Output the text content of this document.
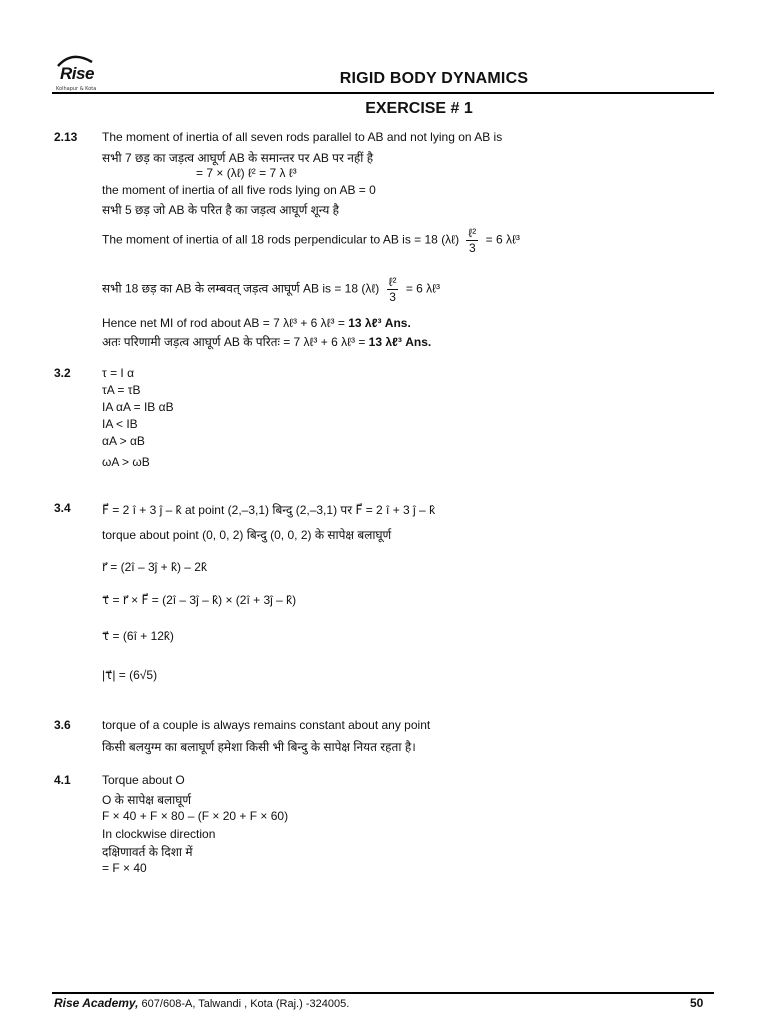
Rise
Kolhapur & Kota
RIGID BODY DYNAMICS
EXERCISE # 1
2.13 The moment of inertia of all seven rods parallel to AB and not lying on AB is
सभी 7 छड़ का जड़त्व आघूर्ण AB के समान्तर पर AB पर नहीं है
= 7 × (λℓ) ℓ² = 7 λ ℓ³
the moment of inertia of all five rods lying on AB = 0
सभी 5 छड़ जो AB के परित है का जड़त्व आघूर्ण शून्य है
The moment of inertia of all 18 rods perpendicular to AB is = 18 (λℓ) $\frac{\text{ℓ²}}{3} = 6$ λℓ³
सभी 18 छड़ का AB के लम्बवत् जड़त्व आघूर्ण AB is = 18 (λℓ) $\frac{\text{ℓ²}}{3} = 6$ λℓ³
Hence net MI of rod about AB = 7 λℓ³ + 6 λℓ³ = 13 λℓ³ Ans.
अतः परिणामी जड़त्व आघूर्ण AB के परितः = 7 λℓ³ + 6 λℓ³ = 13 λℓ³ Ans.
3.2	τ = I α
τA = τB
IA αA = IB αB
IA < IB
αA > αB
ωA > ωB
3.4	F⃗ = 2 î + 3 ĵ – k̂ at point (2,–3,1) बिन्दु (2,–3,1) पर F⃗ = 2 î + 3 ĵ – k̂
torque about point (0, 0, 2) बिन्दु (0, 0, 2) के सापेक्ष बलाघूर्ण
r⃗ = (2î – 3ĵ + k̂) – 2k̂
τ⃗ = r⃗ × F⃗ = (2î – 3ĵ – k̂) × (2î + 3ĵ – k̂)
τ⃗ = (6î + 12k̂)
|τ⃗| = (6√5)
3.6	torque of a couple is always remains constant about any point
किसी बलयुग्म का बलाघूर्ण हमेशा किसी भी बिन्दु के सापेक्ष नियत रहता है।
4.1	Torque about O
O के सापेक्ष बलाघूर्ण
F × 40 + F × 80 – (F × 20 + F × 60)
In clockwise direction
दक्षिणावर्त के दिशा में
= F × 40
Rise Academy, 607/608-A, Talwandi , Kota (Raj.) -324005.	50
